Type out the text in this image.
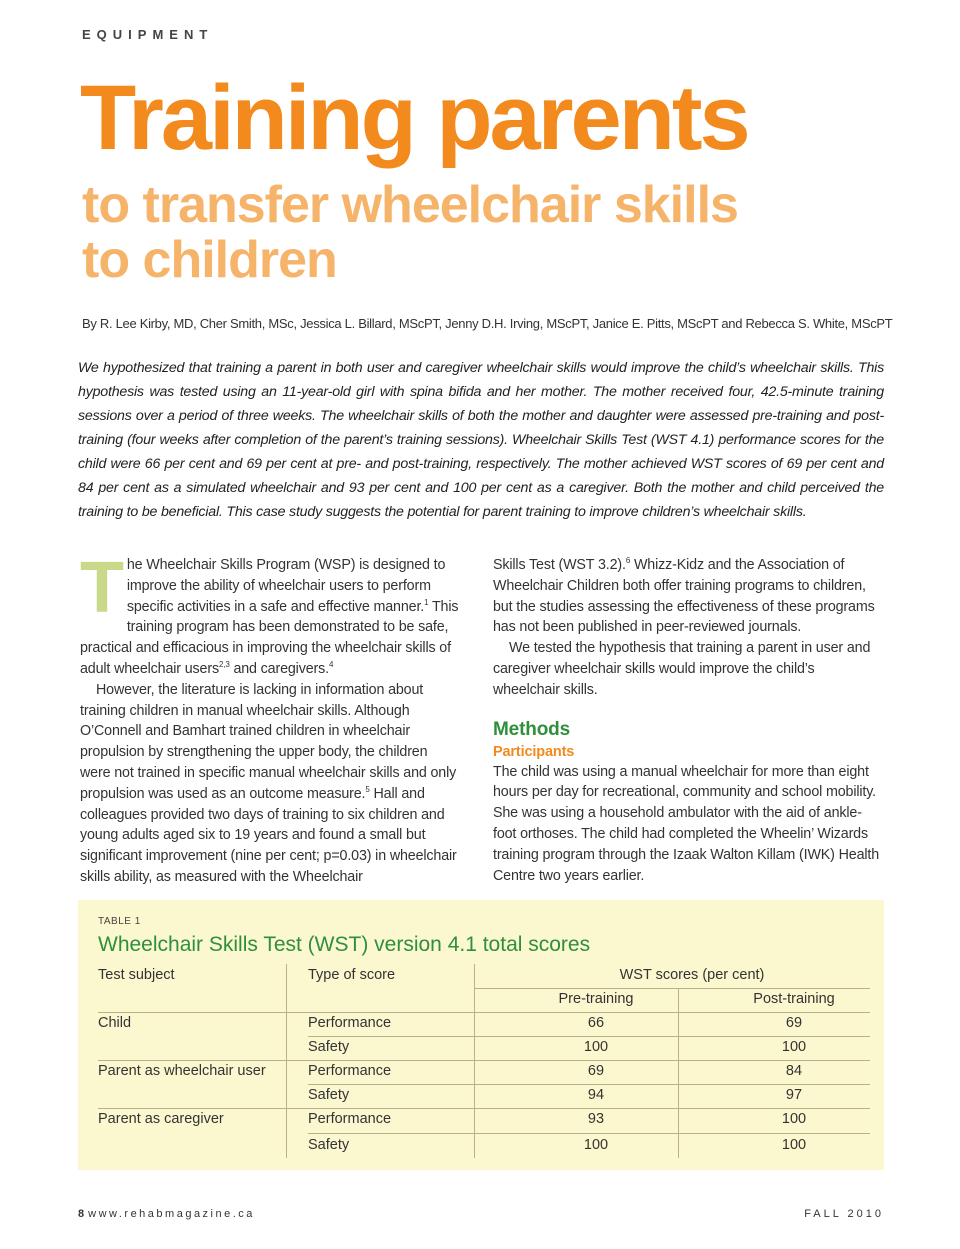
EQUIPMENT
Training parents
to transfer wheelchair skills
to children
By R. Lee Kirby, MD, Cher Smith, MSc, Jessica L. Billard, MScPT, Jenny D.H. Irving, MScPT, Janice E. Pitts, MScPT and Rebecca S. White, MScPT
We hypothesized that training a parent in both user and caregiver wheelchair skills would improve the child’s wheelchair skills. This hypothesis was tested using an 11-year-old girl with spina bifida and her mother. The mother received four, 42.5-minute training sessions over a period of three weeks. The wheelchair skills of both the mother and daughter were assessed pre-training and post-training (four weeks after completion of the parent’s training sessions). Wheelchair Skills Test (WST 4.1) performance scores for the child were 66 per cent and 69 per cent at pre- and post-training, respectively. The mother achieved WST scores of 69 per cent and 84 per cent as a simulated wheelchair and 93 per cent and 100 per cent as a caregiver. Both the mother and child perceived the training to be beneficial. This case study suggests the potential for parent training to improve children’s wheelchair skills.

The Wheelchair Skills Program (WSP) is designed to improve the ability of wheelchair users to perform specific activities in a safe and effective manner.$^1$ This training program has been demonstrated to be safe, practical and efficacious in improving the wheelchair skills of adult wheelchair users$^{2,3}$ and caregivers.$^4$

However, the literature is lacking in information about training children in manual wheelchair skills. Although O’Connell and Bamhart trained children in wheelchair propulsion by strengthening the upper body, the children were not trained in specific manual wheelchair skills and only propulsion was used as an outcome measure.$^5$ Hall and colleagues provided two days of training to six children and young adults aged six to 19 years and found a small but significant improvement (nine per cent; p=0.03) in wheelchair skills ability, as measured with the Wheelchair

Skills Test (WST 3.2).$^6$ Whizz-Kidz and the Association of Wheelchair Children both offer training programs to children, but the studies assessing the effectiveness of these programs has not been published in peer-reviewed journals.

We tested the hypothesis that training a parent in user and caregiver wheelchair skills would improve the child’s wheelchair skills.

Methods
Participants

The child was using a manual wheelchair for more than eight hours per day for recreational, community and school mobility. She was using a household ambulator with the aid of ankle-foot orthoses. The child had completed the Wheelin’ Wizards training program through the Izaak Walton Killam (IWK) Health Centre two years earlier.

TABLE 1
Wheelchair Skills Test (WST) version 4.1 total scores
Test subject	Type of score	WST scores (per cent)
Pre-training	Post-training
Child	Performance	66	69
Safety	100	100
Parent as wheelchair user	Performance	69	84
Safety	94	97
Parent as caregiver	Performance	93	100
Safety	100	100
8 www.rehabmagazine.ca	FALL 2010
